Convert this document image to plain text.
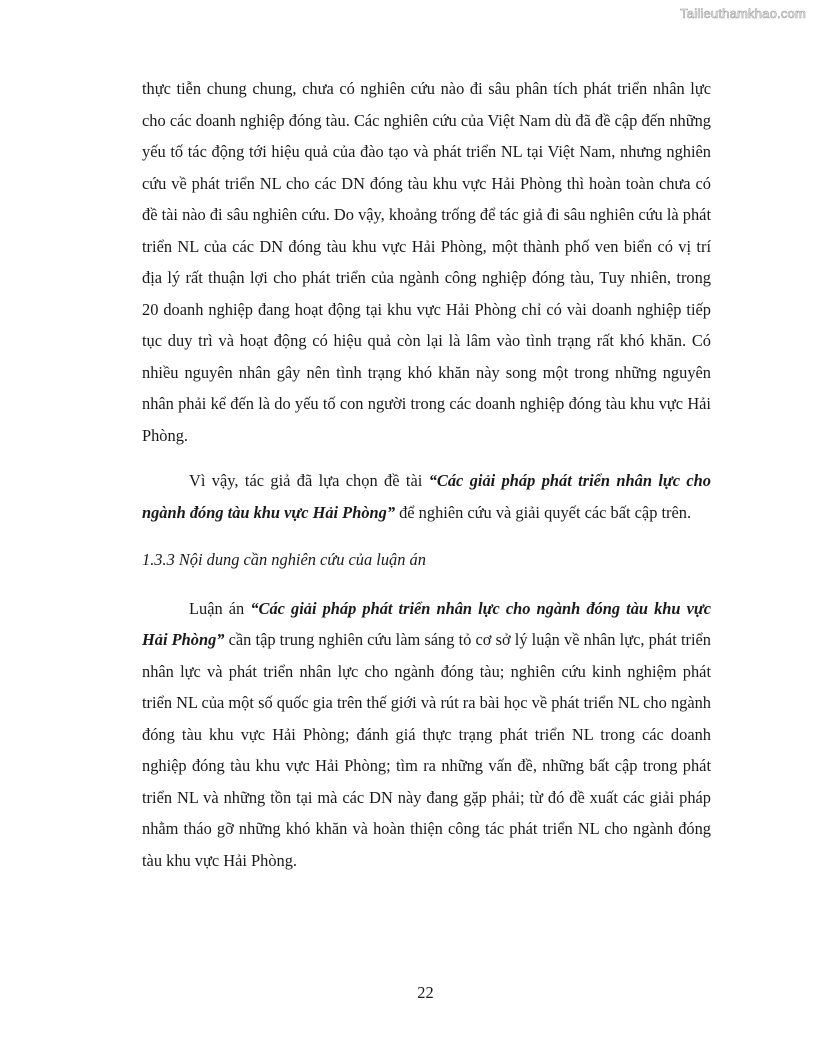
Tailieuthamkhao.com

thực tiễn chung chung, chưa có nghiên cứu nào đi sâu phân tích phát triển nhân lực cho các doanh nghiệp đóng tàu. Các nghiên cứu của Việt Nam dù đã đề cập đến những yếu tố tác động tới hiệu quả của đào tạo và phát triển NL tại Việt Nam, nhưng nghiên cứu về phát triển NL cho các DN đóng tàu khu vực Hải Phòng thì hoàn toàn chưa có đề tài nào đi sâu nghiên cứu. Do vậy, khoảng trống để tác giả đi sâu nghiên cứu là phát triển NL của các DN đóng tàu khu vực Hải Phòng, một thành phố ven biển có vị trí địa lý rất thuận lợi cho phát triển của ngành công nghiệp đóng tàu, Tuy nhiên, trong 20 doanh nghiệp đang hoạt động tại khu vực Hải Phòng chỉ có vài doanh nghiệp tiếp tục duy trì và hoạt động có hiệu quả còn lại là lâm vào tình trạng rất khó khăn. Có nhiều nguyên nhân gây nên tình trạng khó khăn này song một trong những nguyên nhân phải kể đến là do yếu tố con người trong các doanh nghiệp đóng tàu khu vực Hải Phòng.

Vì vậy, tác giả đã lựa chọn đề tài “Các giải pháp phát triển nhân lực cho ngành đóng tàu khu vực Hải Phòng” để nghiên cứu và giải quyết các bất cập trên.

1.3.3 Nội dung cần nghiên cứu của luận án

Luận án “Các giải pháp phát triển nhân lực cho ngành đóng tàu khu vực Hải Phòng” cần tập trung nghiên cứu làm sáng tỏ cơ sở lý luận về nhân lực, phát triển nhân lực và phát triển nhân lực cho ngành đóng tàu; nghiên cứu kinh nghiệm phát triển NL của một số quốc gia trên thế giới và rút ra bài học về phát triển NL cho ngành đóng tàu khu vực Hải Phòng; đánh giá thực trạng phát triển NL trong các doanh nghiệp đóng tàu khu vực Hải Phòng; tìm ra những vấn đề, những bất cập trong phát triển NL và những tồn tại mà các DN này đang gặp phải; từ đó đề xuất các giải pháp nhằm tháo gỡ những khó khăn và hoàn thiện công tác phát triển NL cho ngành đóng tàu khu vực Hải Phòng.

22
